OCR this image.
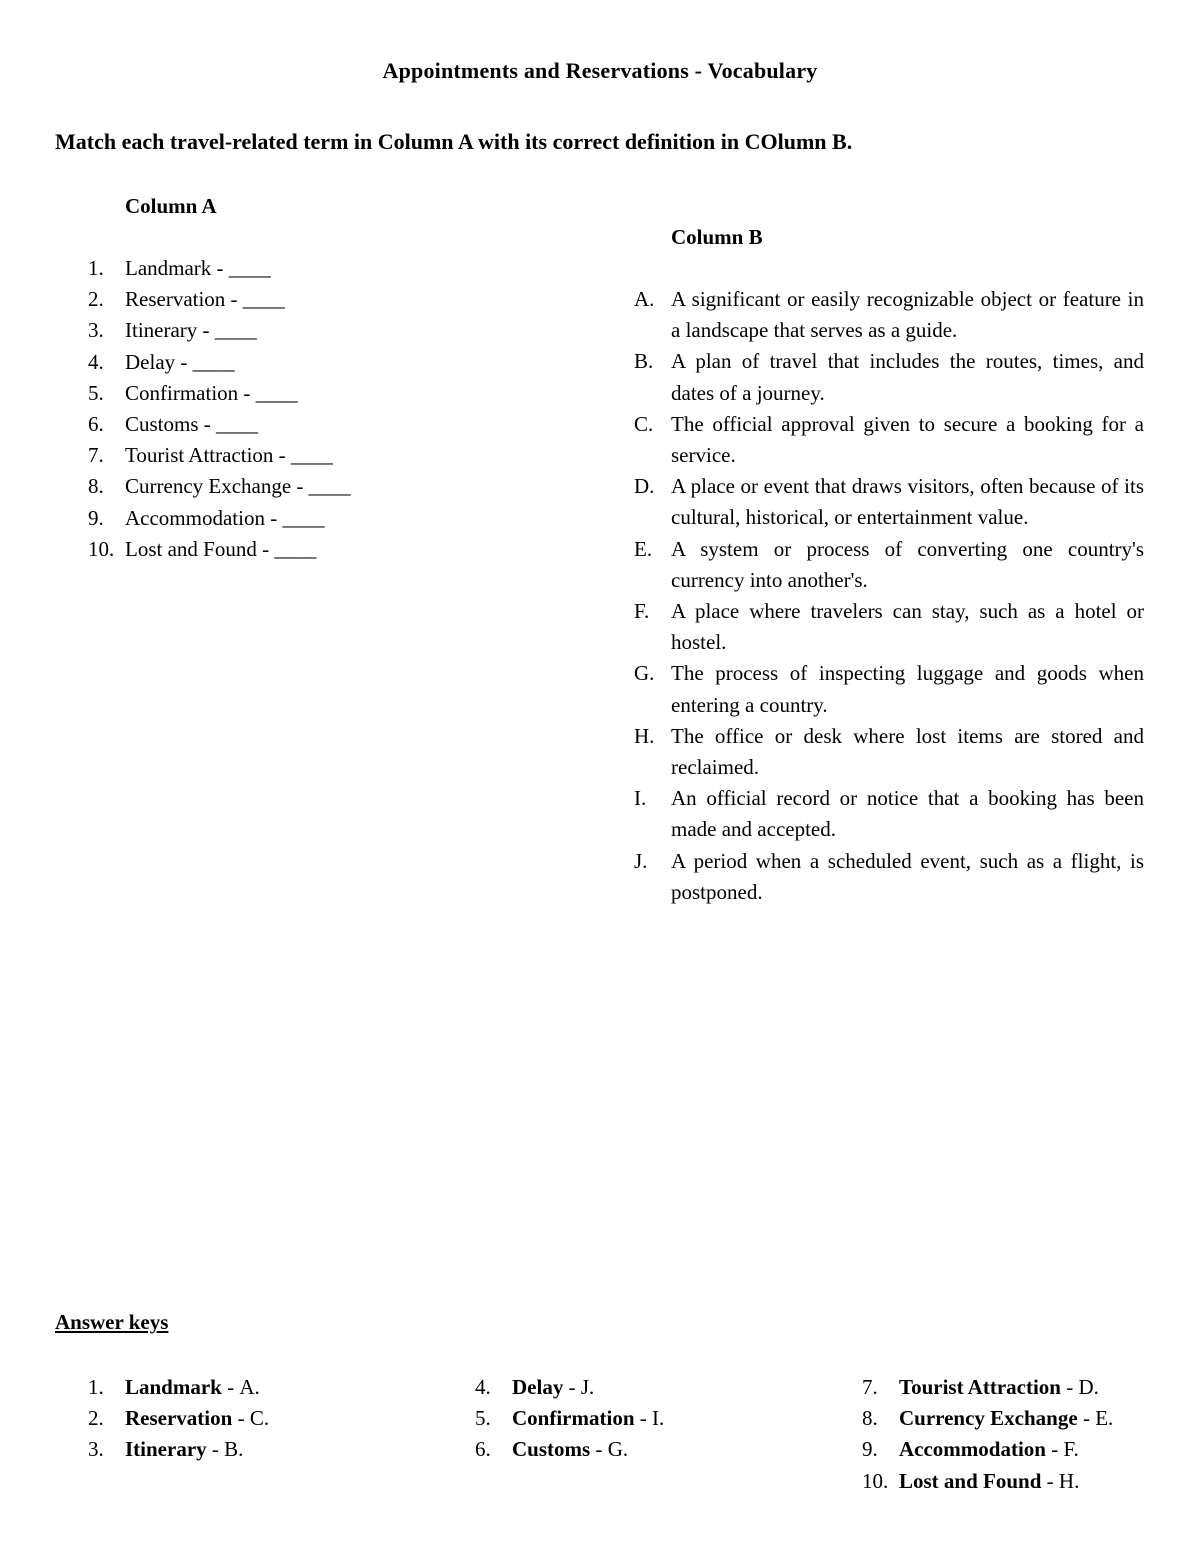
Appointments and Reservations - Vocabulary
Match each travel-related term in Column A with its correct definition in COlumn B.
Column A
1.	Landmark - ____
2.	Reservation - ____
3.	Itinerary - ____
4.	Delay - ____
5.	Confirmation - ____
6.	Customs - ____
7.	Tourist Attraction - ____
8.	Currency Exchange - ____
9.	Accommodation - ____
10. Lost and Found - ____
Column B
A. A significant or easily recognizable object or feature in a landscape that serves as a guide.
B. A plan of travel that includes the routes, times, and dates of a journey.
C. The official approval given to secure a booking for a service.
D. A place or event that draws visitors, often because of its cultural, historical, or entertainment value.
E. A system or process of converting one country's currency into another's.
F.	A place where travelers can stay, such as a hotel or hostel.
G. The process of inspecting luggage and goods when entering a country.
H. The office or desk where lost items are stored and reclaimed.
I.	An official record or notice that a booking has been made and accepted.
J.	A period when a scheduled event, such as a flight, is postponed.
Answer keys
1.	Landmark - A.
2.	Reservation - C.
3.	Itinerary - B.
4.	Delay - J.
5.	Confirmation - I.
6.	Customs - G.
7.	Tourist Attraction - D.
8.	Currency Exchange - E.
9.	Accommodation - F.
10. Lost and Found - H.
